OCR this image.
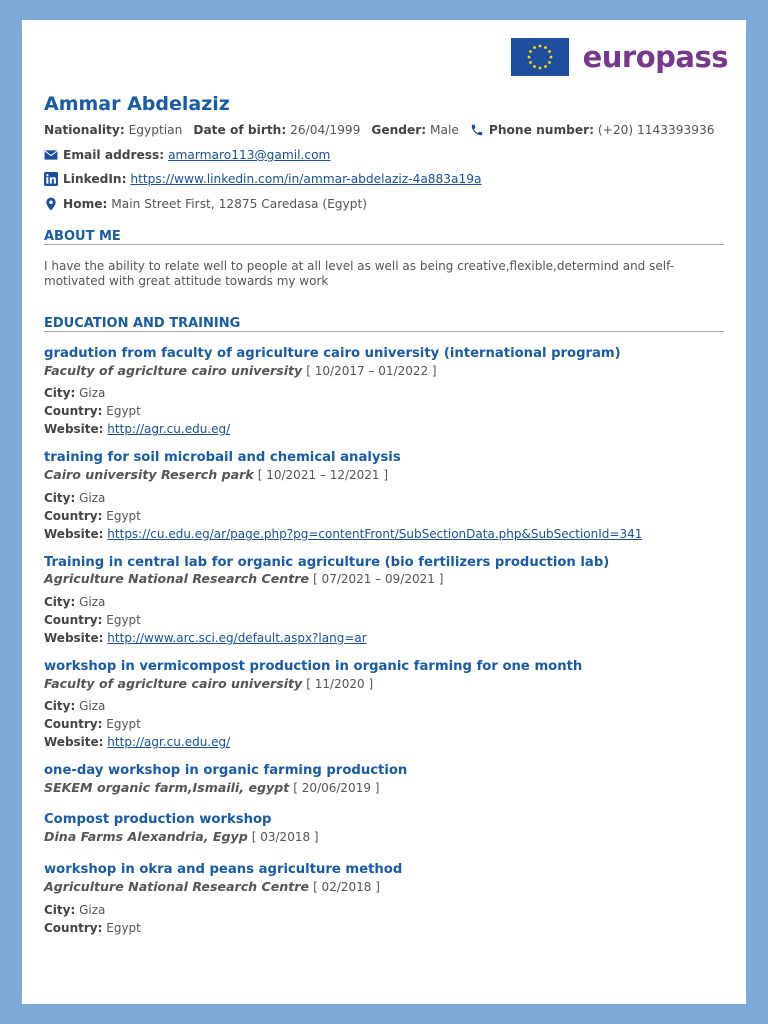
europass
Ammar Abdelaziz
Nationality:
Egyptian Date of birth:
26/04/1999 Gender:
Male Phone number:
(+20) 1143393936
Email address:
amarmaro113@gamil.com
LinkedIn:
https://www.linkedin.com/in/ammar-abdelaziz-4a883a19a
Home:
Main Street First, 12875 Caredasa (Egypt)
ABOUT ME
I have the ability to relate well to people at all level as well as being creative,flexible,determind and self-motivated with great attitude towards my work
EDUCATION AND TRAINING
gradution from faculty of agriculture cairo university (international program)
Faculty of agriclture cairo university [ 10/2017 – 01/2022 ]
City: Giza
Country: Egypt
Website: http://agr.cu.edu.eg/
training for soil microbail and chemical analysis
Cairo university Reserch park [ 10/2021 – 12/2021 ]
City: Giza
Country: Egypt
Website: https://cu.edu.eg/ar/page.php?pg=contentFront/SubSectionData.php&SubSectionId=341
Training in central lab for organic agriculture (bio fertilizers production lab)
Agriculture National Research Centre [ 07/2021 – 09/2021 ]
City: Giza
Country: Egypt
Website: http://www.arc.sci.eg/default.aspx?lang=ar
workshop in vermicompost production in organic farming for one month
Faculty of agriclture cairo university [ 11/2020 ]
City: Giza
Country: Egypt
Website: http://agr.cu.edu.eg/
one-day workshop in organic farming production
SEKEM organic farm,Ismaili, egypt [ 20/06/2019 ]
Compost production workshop
Dina Farms Alexandria, Egyp [ 03/2018 ]
workshop in okra and peans agriculture method
Agriculture National Research Centre [ 02/2018 ]
City: Giza
Country: Egypt
